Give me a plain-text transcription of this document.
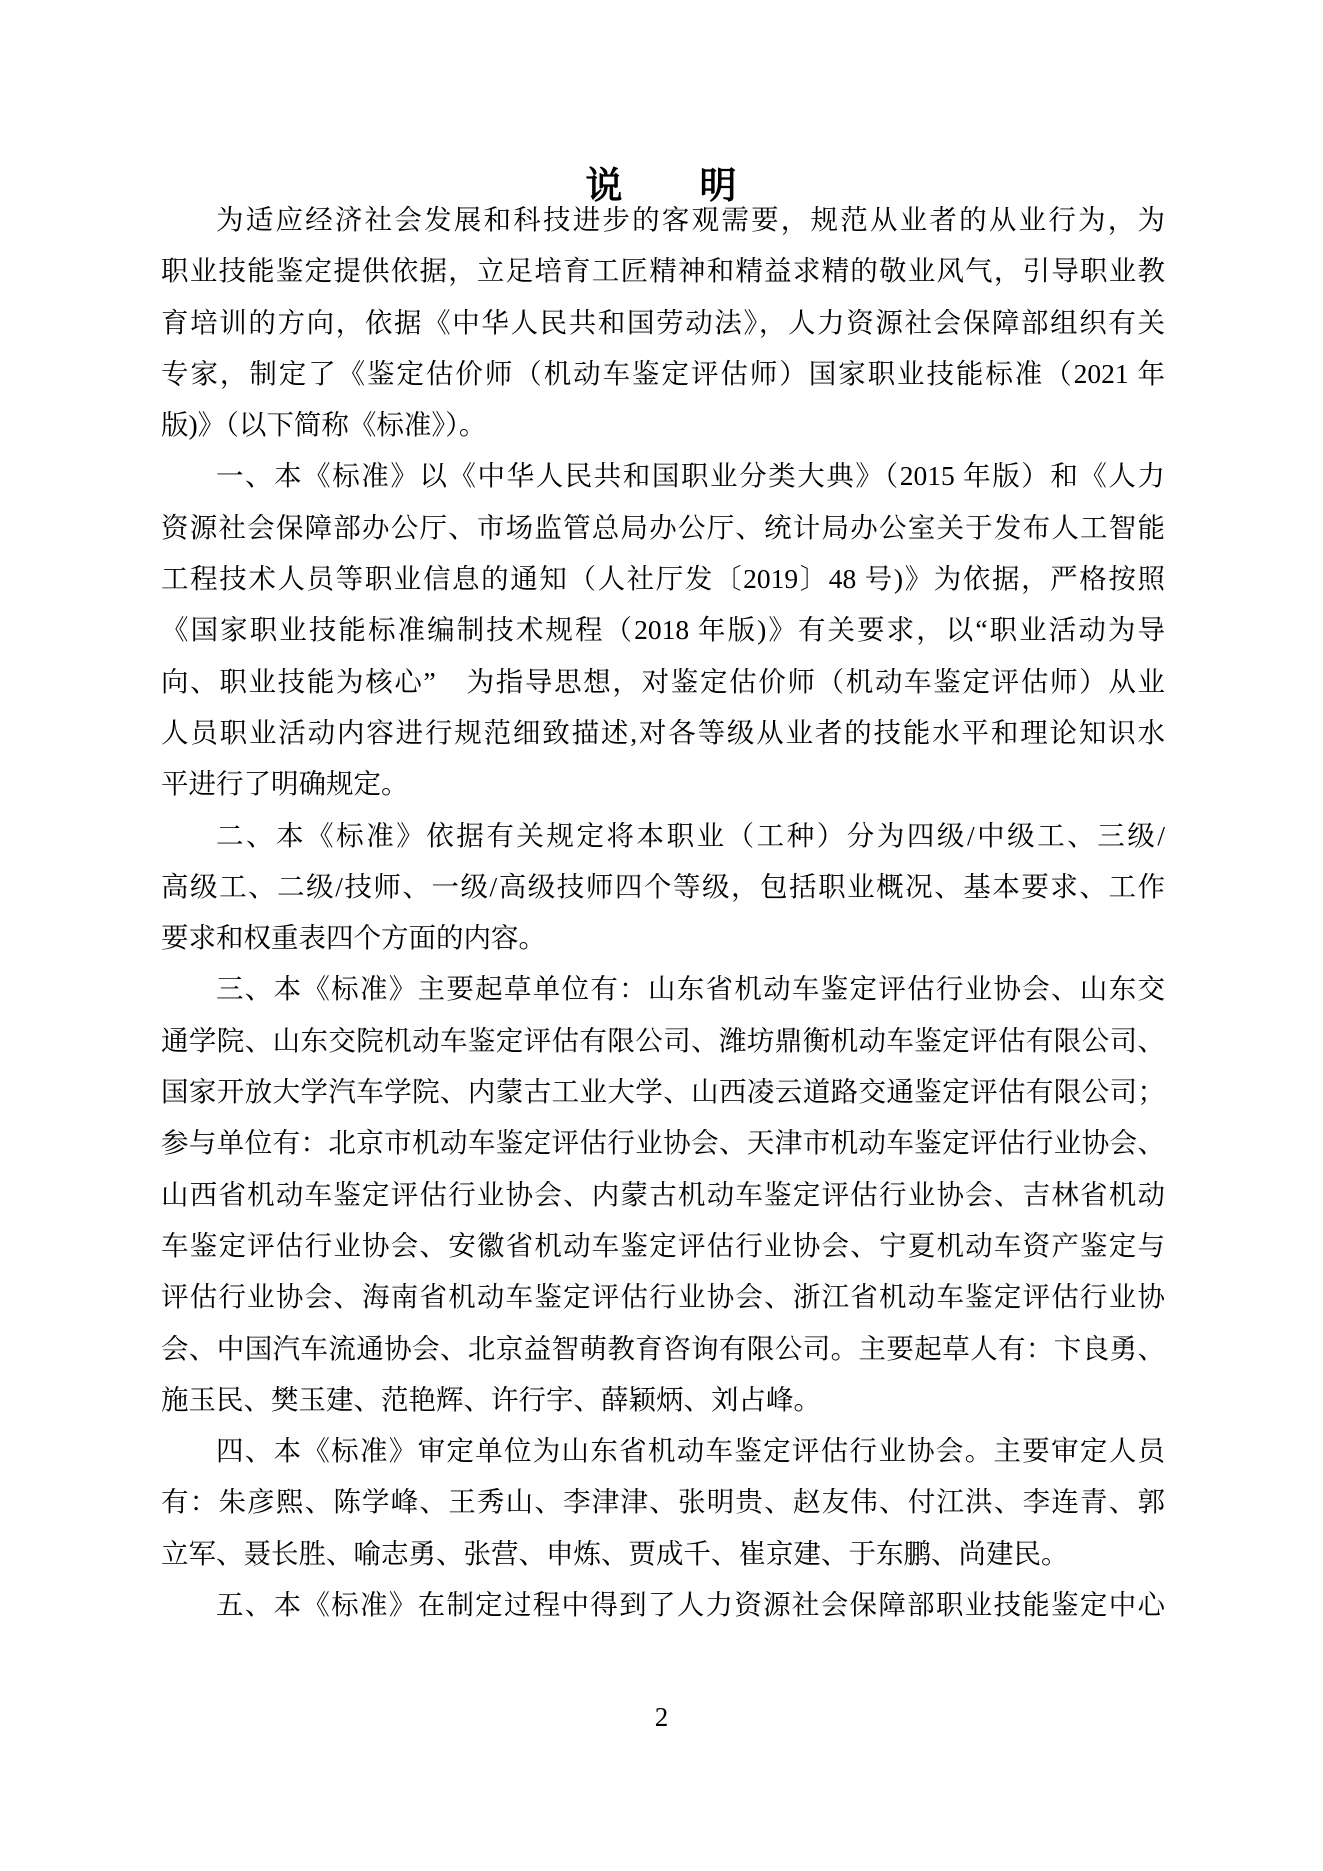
说　　明
为适应经济社会发展和科技进步的客观需要，规范从业者的从业行为，为
职业技能鉴定提供依据，立足培育工匠精神和精益求精的敬业风气，引导职业教
育培训的方向，依据《中华人民共和国劳动法》，人力资源社会保障部组织有关
专家，制定了《鉴定估价师（机动车鉴定评估师）国家职业技能标准（2021 年
版)》（以下简称《标准》）。
一、本《标准》以《中华人民共和国职业分类大典》（2015 年版）和《人力
资源社会保障部办公厅、市场监管总局办公厅、统计局办公室关于发布人工智能
工程技术人员等职业信息的通知（人社厅发〔2019〕48 号)》为依据，严格按照
《国家职业技能标准编制技术规程（2018 年版)》有关要求，以“职业活动为导
向、职业技能为核心”　为指导思想，对鉴定估价师（机动车鉴定评估师）从业
人员职业活动内容进行规范细致描述,对各等级从业者的技能水平和理论知识水
平进行了明确规定。
二、本《标准》依据有关规定将本职业（工种）分为四级/中级工、三级/
高级工、二级/技师、一级/高级技师四个等级，包括职业概况、基本要求、工作
要求和权重表四个方面的内容。
三、本《标准》主要起草单位有：山东省机动车鉴定评估行业协会、山东交
通学院、山东交院机动车鉴定评估有限公司、潍坊鼎衡机动车鉴定评估有限公司、
国家开放大学汽车学院、内蒙古工业大学、山西凌云道路交通鉴定评估有限公司；
参与单位有：北京市机动车鉴定评估行业协会、天津市机动车鉴定评估行业协会、
山西省机动车鉴定评估行业协会、内蒙古机动车鉴定评估行业协会、吉林省机动
车鉴定评估行业协会、安徽省机动车鉴定评估行业协会、宁夏机动车资产鉴定与
评估行业协会、海南省机动车鉴定评估行业协会、浙江省机动车鉴定评估行业协
会、中国汽车流通协会、北京益智萌教育咨询有限公司。主要起草人有：卞良勇、
施玉民、樊玉建、范艳辉、许行宇、薛颖炳、刘占峰。
四、本《标准》审定单位为山东省机动车鉴定评估行业协会。主要审定人员
有：朱彦熙、陈学峰、王秀山、李津津、张明贵、赵友伟、付江洪、李连青、郭
立军、聂长胜、喻志勇、张营、申炼、贾成千、崔京建、于东鹏、尚建民。
五、本《标准》在制定过程中得到了人力资源社会保障部职业技能鉴定中心
2
